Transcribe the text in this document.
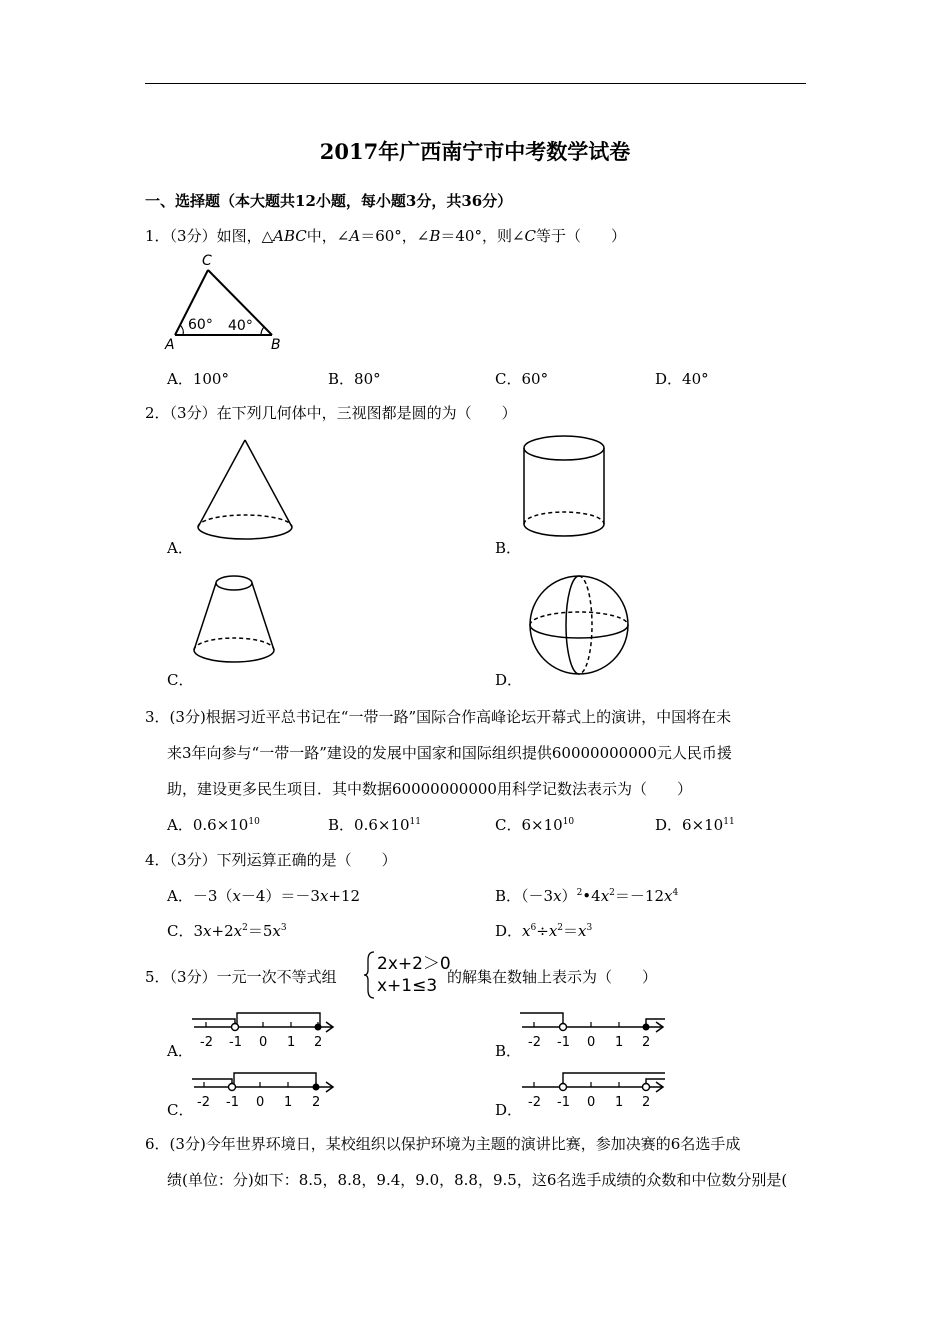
2017年广西南宁市中考数学试卷
一、选择题（本大题共12小题，每小题3分，共36分）
1．（3分）如图，△ABC中，∠A＝60°，∠B＝40°，则∠C等于（　　）
C
A	B
60° 40°
A．100°	B．80°	C．60°	D．40°
2．（3分）在下列几何体中，三视图都是圆的为（　　）
A．	B．
C．	D．
3．(3分)根据习近平总书记在“一带一路”国际合作高峰论坛开幕式上的演讲，中国将在未
来3年向参与“一带一路”建设的发展中国家和国际组织提供60000000000元人民币援
助，建设更多民生项目．其中数据60000000000用科学记数法表示为（　　）
A．$0.6\times 10^{10}$	B．$0.6\times 10^{11}$	C．$6\times 10^{10}$	D．$6\times 10^{11}$
4．（3分）下列运算正确的是（　　）
A．－3（x－4）＝－3x+12	B．$(-3x)^2•4x^2=-12x^4$
C．$3x+2x^2=5x^3$	D．$x^6\div x^2=x^3$
5．（3分）一元一次不等式组
2x+2＞0
x+1≤3 的解集在数轴上表示为（　　）
-2 -1 0 1 2
A．	-2 -1 0 1 2
B．
-2 -1 0 1 2
C．	-2 -1 0 1 2
D．
6．(3分)今年世界环境日，某校组织以保护环境为主题的演讲比赛，参加决赛的6名选手成
绩(单位：分)如下：8.5，8.8，9.4，9.0，8.8，9.5，这6名选手成绩的众数和中位数分别是(
